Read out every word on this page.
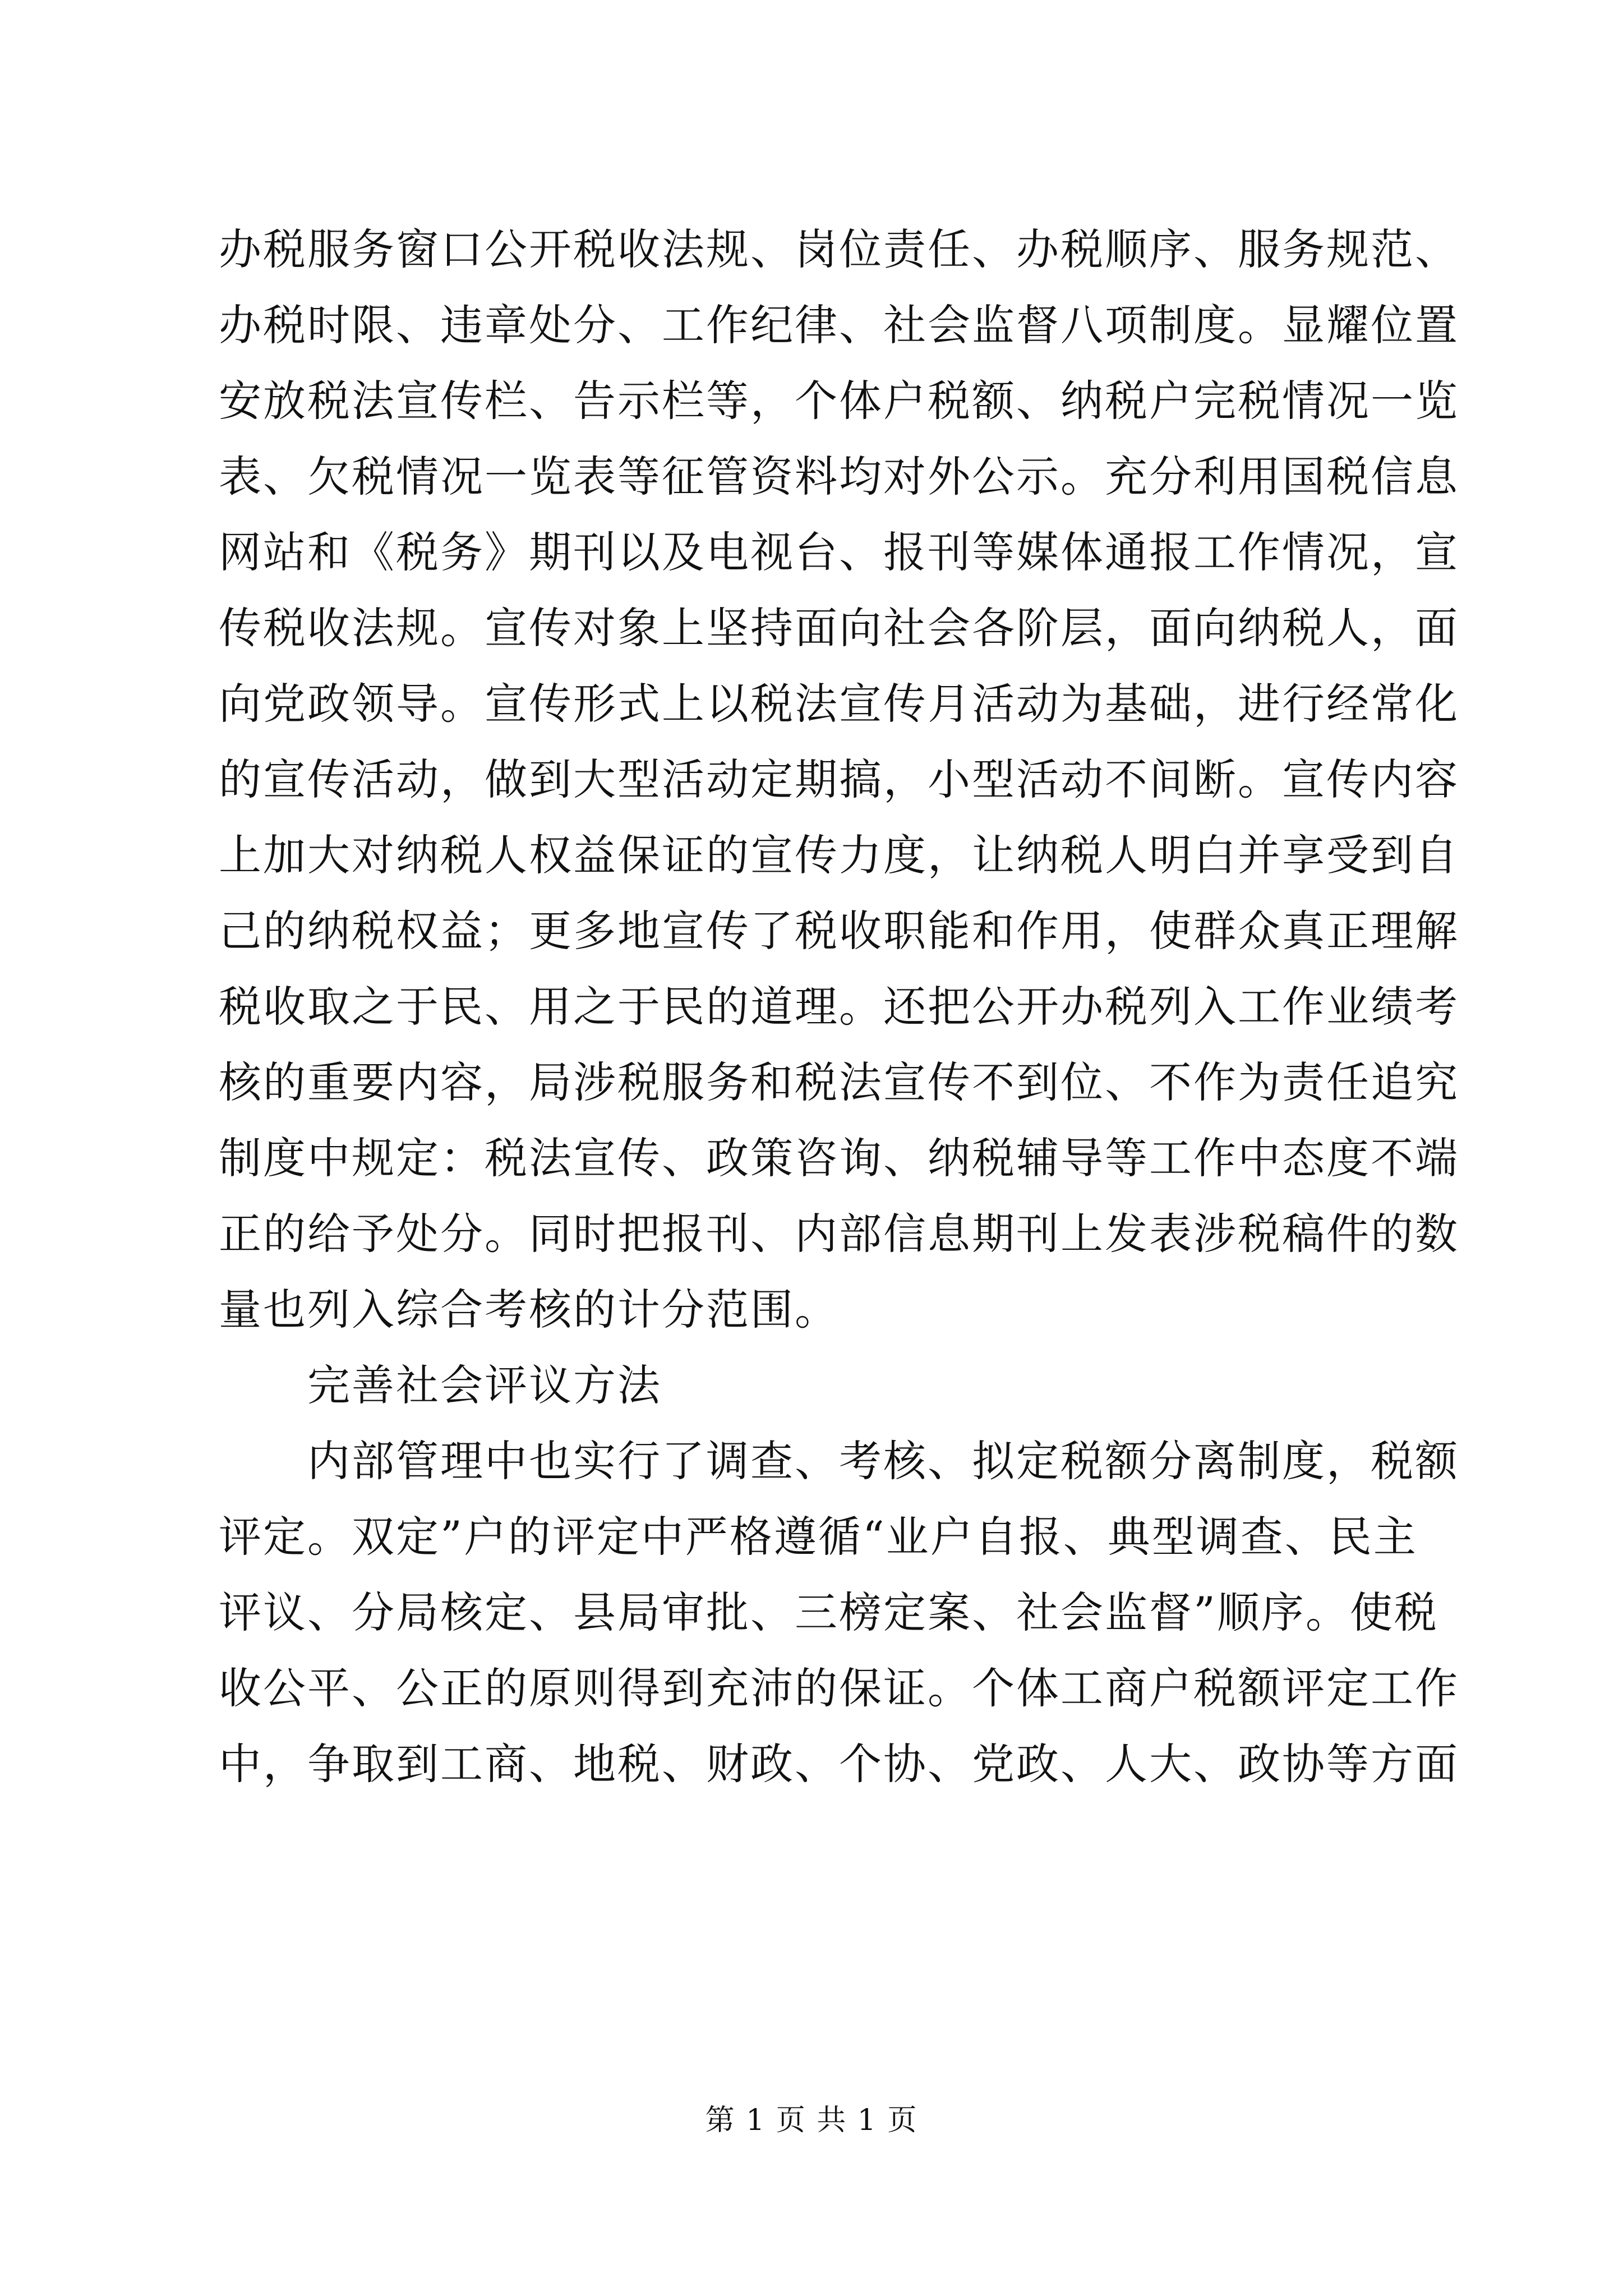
办税服务窗口公开税收法规、岗位责任、办税顺序、服务规范、
办税时限、违章处分、工作纪律、社会监督八项制度。显耀位置
安放税法宣传栏、告示栏等，个体户税额、纳税户完税情况一览
表、欠税情况一览表等征管资料均对外公示。充分利用国税信息
网站和《税务》期刊以及电视台、报刊等媒体通报工作情况，宣
传税收法规。宣传对象上坚持面向社会各阶层，面向纳税人，面
向党政领导。宣传形式上以税法宣传月活动为基础，进行经常化
的宣传活动，做到大型活动定期搞，小型活动不间断。宣传内容
上加大对纳税人权益保证的宣传力度，让纳税人明白并享受到自
己的纳税权益；更多地宣传了税收职能和作用，使群众真正理解
税收取之于民、用之于民的道理。还把公开办税列入工作业绩考
核的重要内容，局涉税服务和税法宣传不到位、不作为责任追究
制度中规定：税法宣传、政策咨询、纳税辅导等工作中态度不端
正的给予处分。同时把报刊、内部信息期刊上发表涉税稿件的数
量也列入综合考核的计分范围。
完善社会评议方法
内部管理中也实行了调查、考核、拟定税额分离制度，税额
评定。双定”户的评定中严格遵循“业户自报、典型调查、民主
评议、分局核定、县局审批、三榜定案、社会监督”顺序。使税
收公平、公正的原则得到充沛的保证。个体工商户税额评定工作
中，争取到工商、地税、财政、个协、党政、人大、政协等方面
第 1 页 共 1 页
